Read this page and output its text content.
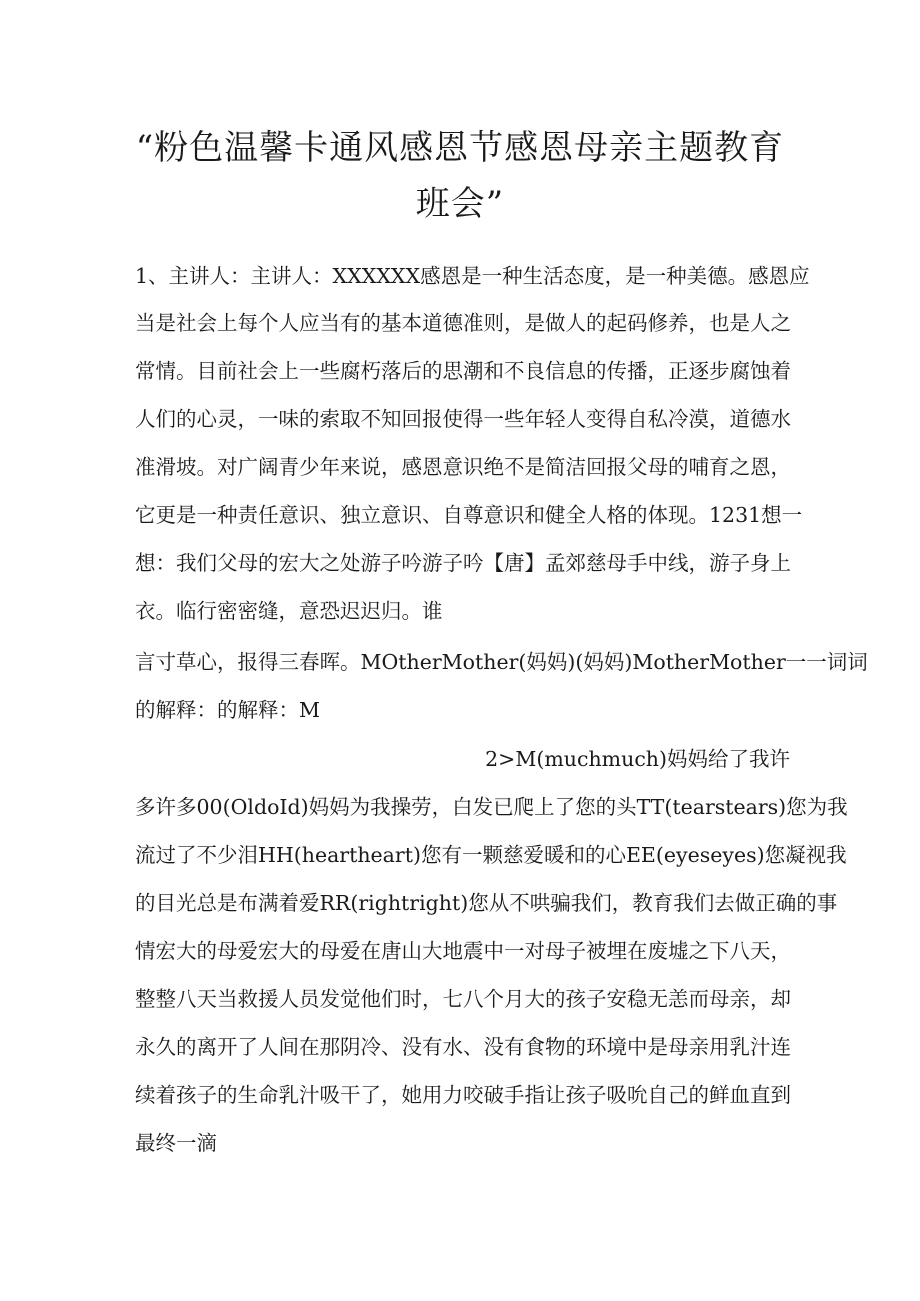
“粉色温馨卡通风感恩节感恩母亲主题教育
班会”
1、主讲人：主讲人：XXXXXX感恩是一种生活态度，是一种美德。感恩应
当是社会上每个人应当有的基本道德准则，是做人的起码修养，也是人之
常情。目前社会上一些腐朽落后的思潮和不良信息的传播，正逐步腐蚀着
人们的心灵，一味的索取不知回报使得一些年轻人变得自私冷漠，道德水
准滑坡。对广阔青少年来说，感恩意识绝不是简洁回报父母的哺育之恩，
它更是一种责任意识、独立意识、自尊意识和健全人格的体现。1231想一
想：我们父母的宏大之处游子吟游子吟【唐】孟郊慈母手中线，游子身上
衣。临行密密缝，意恐迟迟归。谁
言寸草心，报得三春晖。MOtherMother(妈妈)(妈妈)MotherMother一一词词
的解释：的解释：M
2>M(muchmuch)妈妈给了我许
多许多00(OldoId)妈妈为我操劳，白发已爬上了您的头TT(tearstears)您为我
流过了不少泪HH(heartheart)您有一颗慈爱暖和的心EE(eyeseyes)您凝视我
的目光总是布满着爱RR(rightright)您从不哄骗我们，教育我们去做正确的事
情宏大的母爱宏大的母爱在唐山大地震中一对母子被埋在废墟之下八天，
整整八天当救援人员发觉他们时，七八个月大的孩子安稳无恙而母亲，却
永久的离开了人间在那阴冷、没有水、没有食物的环境中是母亲用乳汁连
续着孩子的生命乳汁吸干了，她用力咬破手指让孩子吸吮自己的鲜血直到
最终一滴
